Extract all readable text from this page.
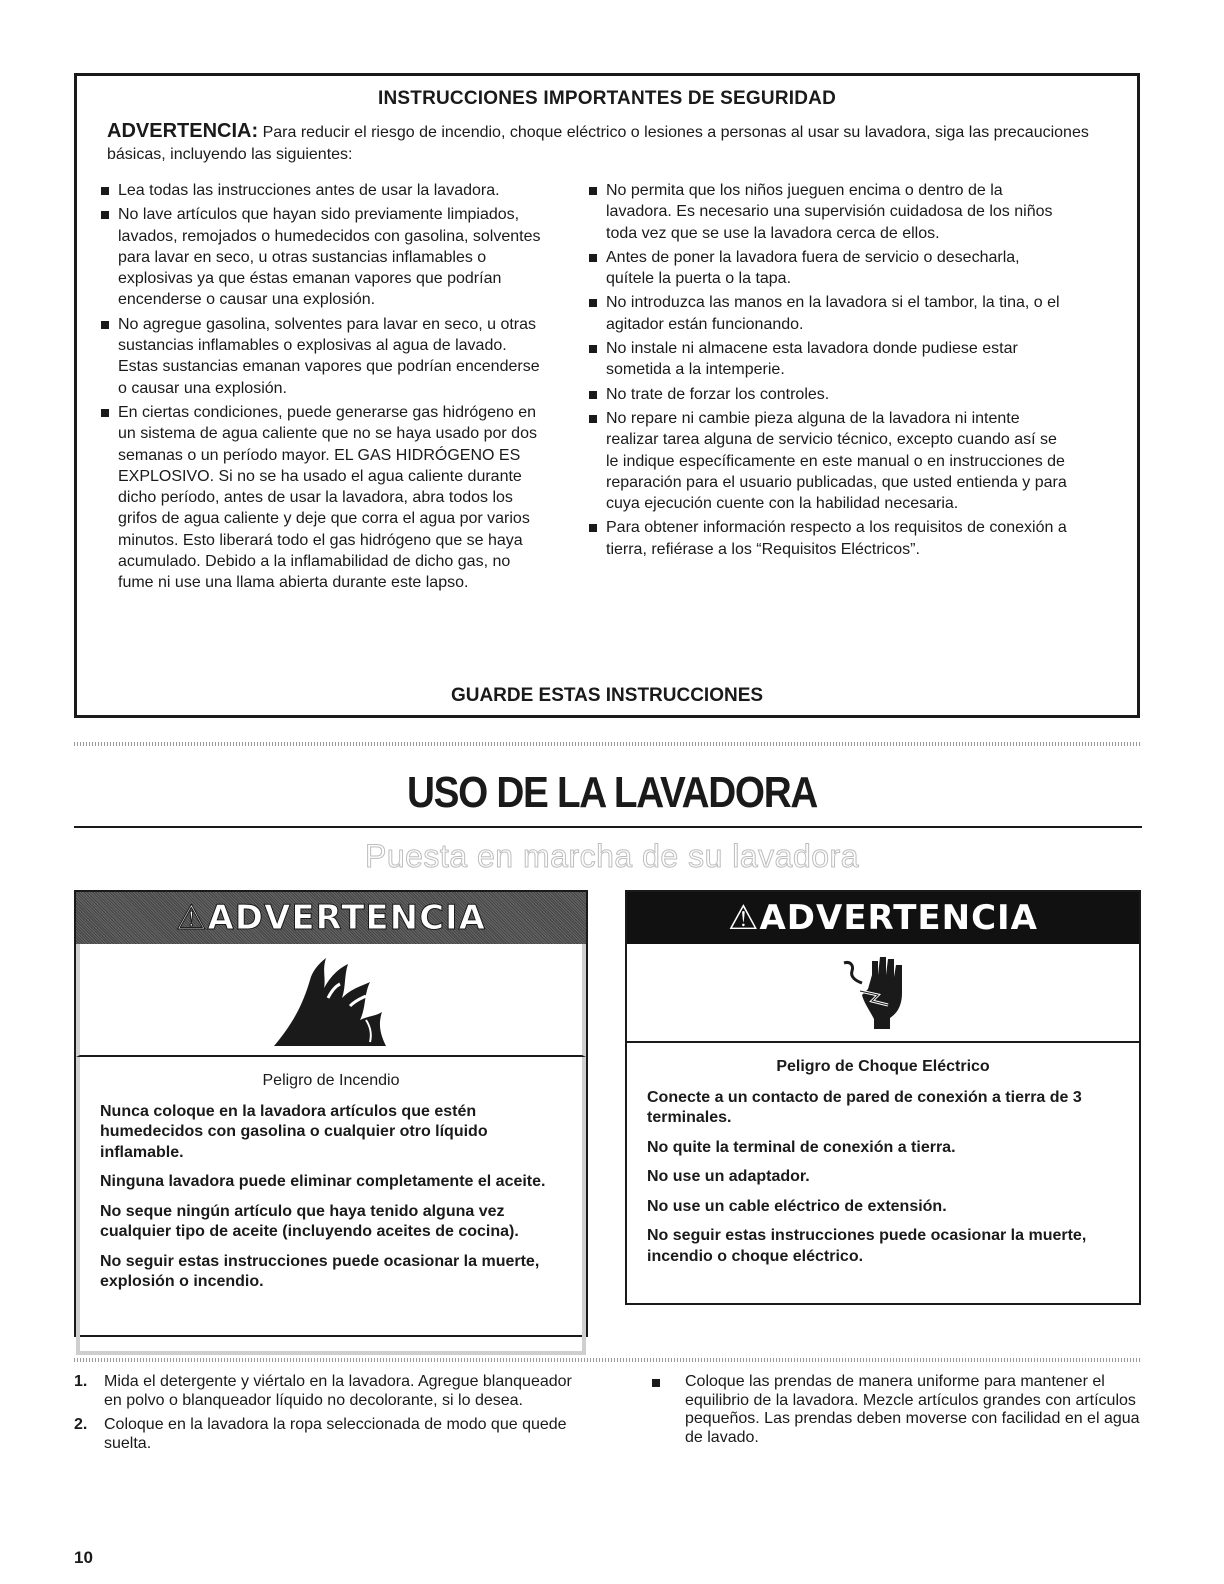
INSTRUCCIONES IMPORTANTES DE SEGURIDAD
ADVERTENCIA: Para reducir el riesgo de incendio, choque eléctrico o lesiones a personas al usar su lavadora, siga las precauciones básicas, incluyendo las siguientes:
Lea todas las instrucciones antes de usar la lavadora.
No lave artículos que hayan sido previamente limpiados, lavados, remojados o humedecidos con gasolina, solventes para lavar en seco, u otras sustancias inflamables o explosivas ya que éstas emanan vapores que podrían encenderse o causar una explosión.
No agregue gasolina, solventes para lavar en seco, u otras sustancias inflamables o explosivas al agua de lavado. Estas sustancias emanan vapores que podrían encenderse o causar una explosión.
En ciertas condiciones, puede generarse gas hidrógeno en un sistema de agua caliente que no se haya usado por dos semanas o un período mayor. EL GAS HIDRÓGENO ES EXPLOSIVO. Si no se ha usado el agua caliente durante dicho período, antes de usar la lavadora, abra todos los grifos de agua caliente y deje que corra el agua por varios minutos. Esto liberará todo el gas hidrógeno que se haya acumulado. Debido a la inflamabilidad de dicho gas, no fume ni use una llama abierta durante este lapso.
No permita que los niños jueguen encima o dentro de la lavadora. Es necesario una supervisión cuidadosa de los niños toda vez que se use la lavadora cerca de ellos.
Antes de poner la lavadora fuera de servicio o desecharla, quítele la puerta o la tapa.
No introduzca las manos en la lavadora si el tambor, la tina, o el agitador están funcionando.
No instale ni almacene esta lavadora donde pudiese estar sometida a la intemperie.
No trate de forzar los controles.
No repare ni cambie pieza alguna de la lavadora ni intente realizar tarea alguna de servicio técnico, excepto cuando así se le indique específicamente en este manual o en instrucciones de reparación para el usuario publicadas, que usted entienda y para cuya ejecución cuente con la habilidad necesaria.
Para obtener información respecto a los requisitos de conexión a tierra, refiérase a los “Requisitos Eléctricos”.
GUARDE ESTAS INSTRUCCIONES
USO DE LA LAVADORA
Puesta en marcha de su lavadora
⚠ADVERTENCIA
Peligro de Incendio

Nunca coloque en la lavadora artículos que estén humedecidos con gasolina o cualquier otro líquido inflamable.

Ninguna lavadora puede eliminar completamente el aceite.

No seque ningún artículo que haya tenido alguna vez cualquier tipo de aceite (incluyendo aceites de cocina).

No seguir estas instrucciones puede ocasionar la muerte, explosión o incendio.

⚠ADVERTENCIA
Peligro de Choque Eléctrico

Conecte a un contacto de pared de conexión a tierra de 3 terminales.

No quite la terminal de conexión a tierra.

No use un adaptador.

No use un cable eléctrico de extensión.

No seguir estas instrucciones puede ocasionar la muerte, incendio o choque eléctrico.

1. Mida el detergente y viértalo en la lavadora. Agregue blanqueador en polvo o blanqueador líquido no decolorante, si lo desea.
2. Coloque en la lavadora la ropa seleccionada de modo que quede suelta.
Coloque las prendas de manera uniforme para mantener el equilibrio de la lavadora. Mezcle artículos grandes con artículos pequeños. Las prendas deben moverse con facilidad en el agua de lavado.
10
